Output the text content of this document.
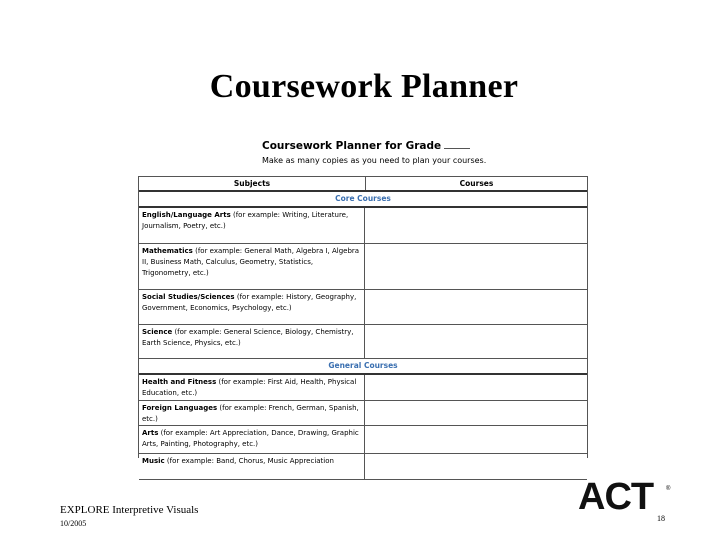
Coursework Planner
Coursework Planner for Grade
Make as many copies as you need to plan your courses.
Subjects	Courses
Core Courses
English/Language Arts (for example: Writing, Literature, Journalism, Poetry, etc.)
Mathematics (for example: General Math, Algebra I, Algebra II, Business Math, Calculus, Geometry, Statistics, Trigonometry, etc.)
Social Studies/Sciences (for example: History, Geography, Government, Economics, Psychology, etc.)
Science (for example: General Science, Biology, Chemistry, Earth Science, Physics, etc.)
General Courses
Health and Fitness (for example: First Aid, Health, Physical Education, etc.)
Foreign Languages (for example: French, German, Spanish, etc.)
Arts (for example: Art Appreciation, Dance, Drawing, Graphic Arts, Painting, Photography, etc.)
Music (for example: Band, Chorus, Music Appreciation
EXPLORE Interpretive Visuals
10/2005
ACT ®
18
